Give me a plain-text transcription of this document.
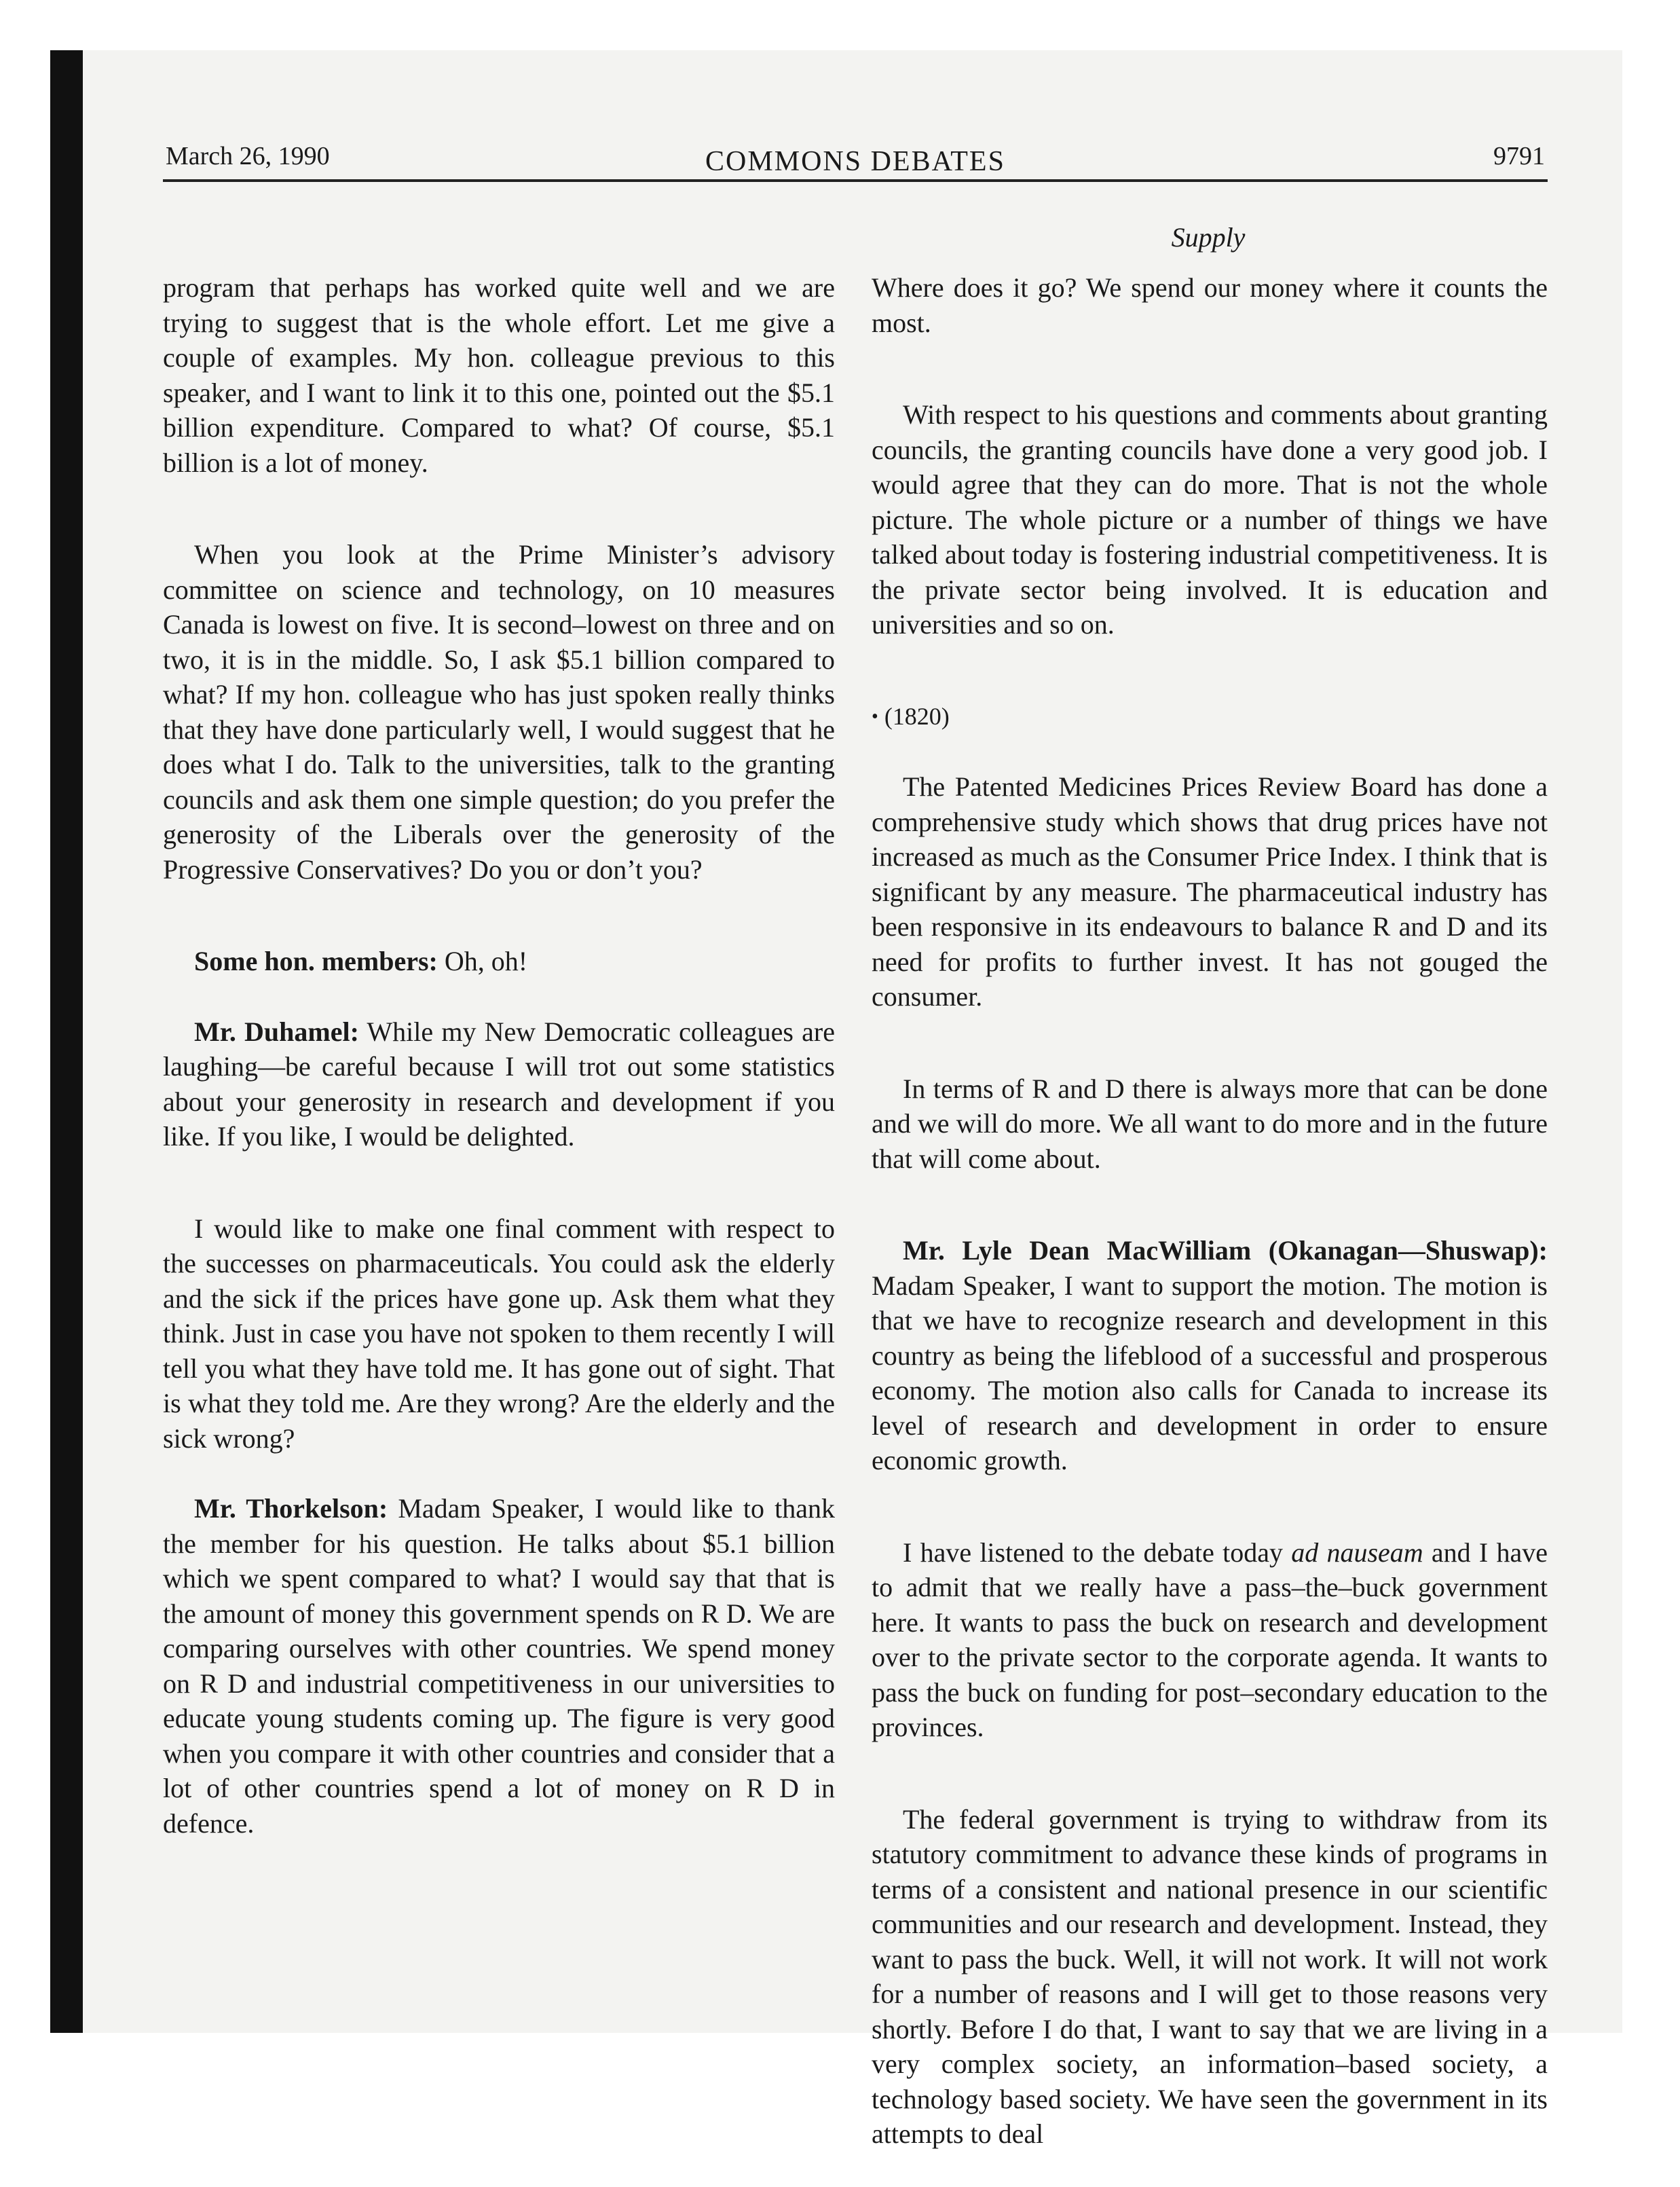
March 26, 1990	COMMONS DEBATES	9791
Supply

program that perhaps has worked quite well and we are trying to suggest that is the whole effort. Let me give a couple of examples. My hon. colleague previous to this speaker, and I want to link it to this one, pointed out the $5.1 billion expenditure. Compared to what? Of course, $5.1 billion is a lot of money.

When you look at the Prime Minister’s advisory committee on science and technology, on 10 measures Canada is lowest on five. It is second–lowest on three and on two, it is in the middle. So, I ask $5.1 billion compared to what? If my hon. colleague who has just spoken really thinks that they have done particularly well, I would suggest that he does what I do. Talk to the universities, talk to the granting councils and ask them one simple question; do you prefer the generosity of the Liberals over the generosity of the Progressive Conservatives? Do you or don’t you?

Some hon. members: Oh, oh!

Mr. Duhamel: While my New Democratic colleagues are laughing—be careful because I will trot out some statistics about your generosity in research and development if you like. If you like, I would be delighted.

I would like to make one final comment with respect to the successes on pharmaceuticals. You could ask the elderly and the sick if the prices have gone up. Ask them what they think. Just in case you have not spoken to them recently I will tell you what they have told me. It has gone out of sight. That is what they told me. Are they wrong? Are the elderly and the sick wrong?

Mr. Thorkelson: Madam Speaker, I would like to thank the member for his question. He talks about $5.1 billion which we spent compared to what? I would say that that is the amount of money this government spends on R D. We are comparing ourselves with other countries. We spend money on R D and industrial competitiveness in our universities to educate young students coming up. The figure is very good when you compare it with other countries and consider that a lot of other countries spend a lot of money on R D in defence.

Where does it go? We spend our money where it counts the most.

With respect to his questions and comments about granting councils, the granting councils have done a very good job. I would agree that they can do more. That is not the whole picture. The whole picture or a number of things we have talked about today is fostering industrial competitiveness. It is the private sector being involved. It is education and universities and so on.

• (1820)

The Patented Medicines Prices Review Board has done a comprehensive study which shows that drug prices have not increased as much as the Consumer Price Index. I think that is significant by any measure. The pharmaceutical industry has been responsive in its endeavours to balance R and D and its need for profits to further invest. It has not gouged the consumer.

In terms of R and D there is always more that can be done and we will do more. We all want to do more and in the future that will come about.

Mr. Lyle Dean MacWilliam (Okanagan—Shuswap): Madam Speaker, I want to support the motion. The motion is that we have to recognize research and development in this country as being the lifeblood of a successful and prosperous economy. The motion also calls for Canada to increase its level of research and development in order to ensure economic growth.

I have listened to the debate today ad nauseam and I have to admit that we really have a pass–the–buck government here. It wants to pass the buck on research and development over to the private sector to the corporate agenda. It wants to pass the buck on funding for post–secondary education to the provinces.

The federal government is trying to withdraw from its statutory commitment to advance these kinds of programs in terms of a consistent and national presence in our scientific communities and our research and development. Instead, they want to pass the buck. Well, it will not work. It will not work for a number of reasons and I will get to those reasons very shortly. Before I do that, I want to say that we are living in a very complex society, an information–based society, a technology based society. We have seen the government in its attempts to deal
